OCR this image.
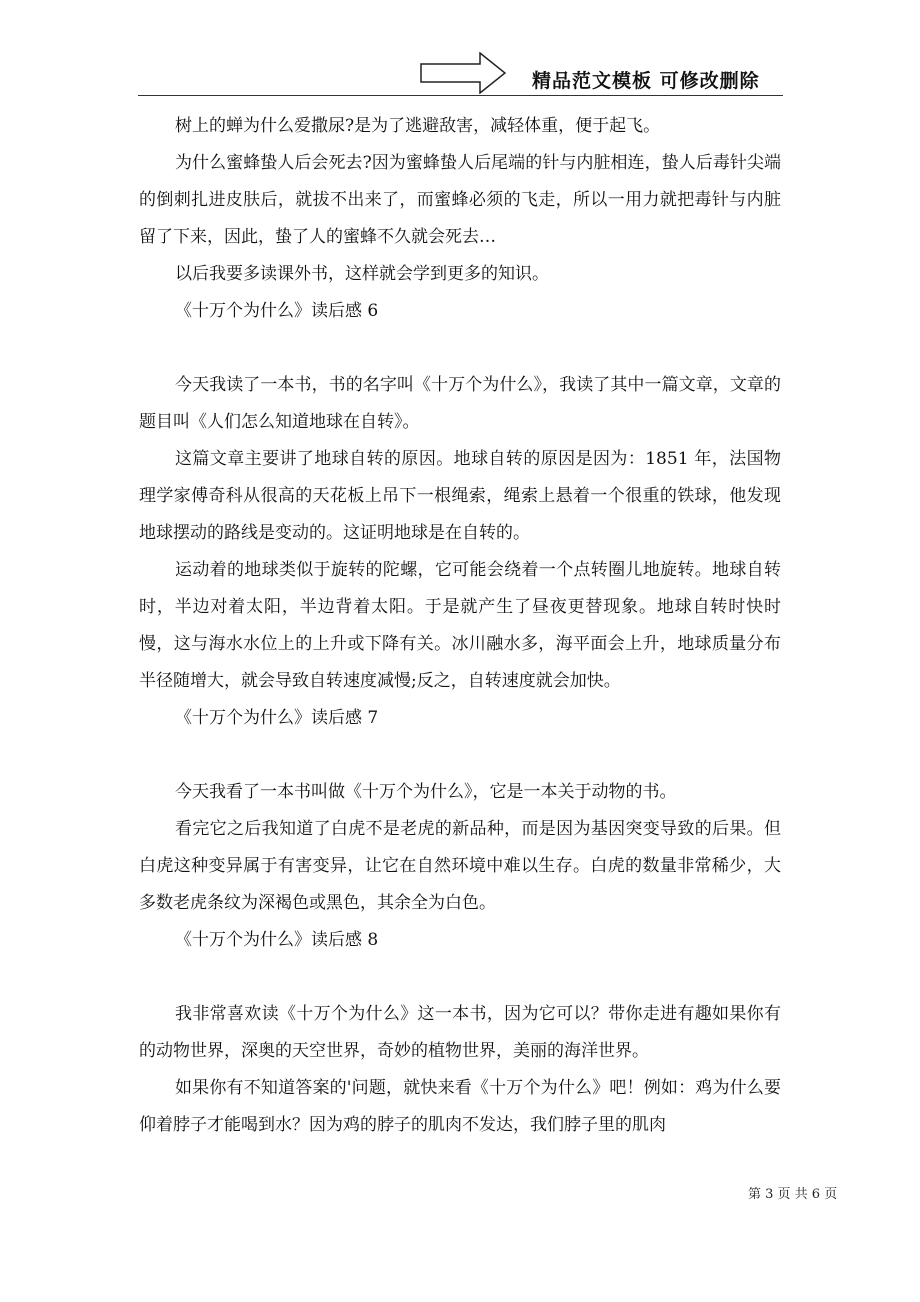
精品范文模板 可修改删除

树上的蝉为什么爱撒尿?是为了逃避敌害，减轻体重，便于起飞。

为什么蜜蜂蛰人后会死去?因为蜜蜂蛰人后尾端的针与内脏相连，蛰人后毒针尖端的倒刺扎进皮肤后，就拔不出来了，而蜜蜂必须的飞走，所以一用力就把毒针与内脏留了下来，因此，蛰了人的蜜蜂不久就会死去…

以后我要多读课外书，这样就会学到更多的知识。

《十万个为什么》读后感 6

今天我读了一本书，书的名字叫《十万个为什么》，我读了其中一篇文章，文章的题目叫《人们怎么知道地球在自转》。

这篇文章主要讲了地球自转的原因。地球自转的原因是因为：1851 年，法国物理学家傅奇科从很高的天花板上吊下一根绳索，绳索上悬着一个很重的铁球，他发现地球摆动的路线是变动的。这证明地球是在自转的。

运动着的地球类似于旋转的陀螺，它可能会绕着一个点转圈儿地旋转。地球自转时，半边对着太阳，半边背着太阳。于是就产生了昼夜更替现象。地球自转时快时慢，这与海水水位上的上升或下降有关。冰川融水多，海平面会上升，地球质量分布半径随增大，就会导致自转速度减慢;反之，自转速度就会加快。

《十万个为什么》读后感 7

今天我看了一本书叫做《十万个为什么》，它是一本关于动物的书。

看完它之后我知道了白虎不是老虎的新品种，而是因为基因突变导致的后果。但白虎这种变异属于有害变异，让它在自然环境中难以生存。白虎的数量非常稀少，大多数老虎条纹为深褐色或黑色，其余全为白色。

《十万个为什么》读后感 8

我非常喜欢读《十万个为什么》这一本书，因为它可以？带你走进有趣如果你有的动物世界，深奥的天空世界，奇妙的植物世界，美丽的海洋世界。

如果你有不知道答案的'问题，就快来看《十万个为什么》吧！例如：鸡为什么要仰着脖子才能喝到水？因为鸡的脖子的肌肉不发达，我们脖子里的肌肉

第 3 页 共 6 页
